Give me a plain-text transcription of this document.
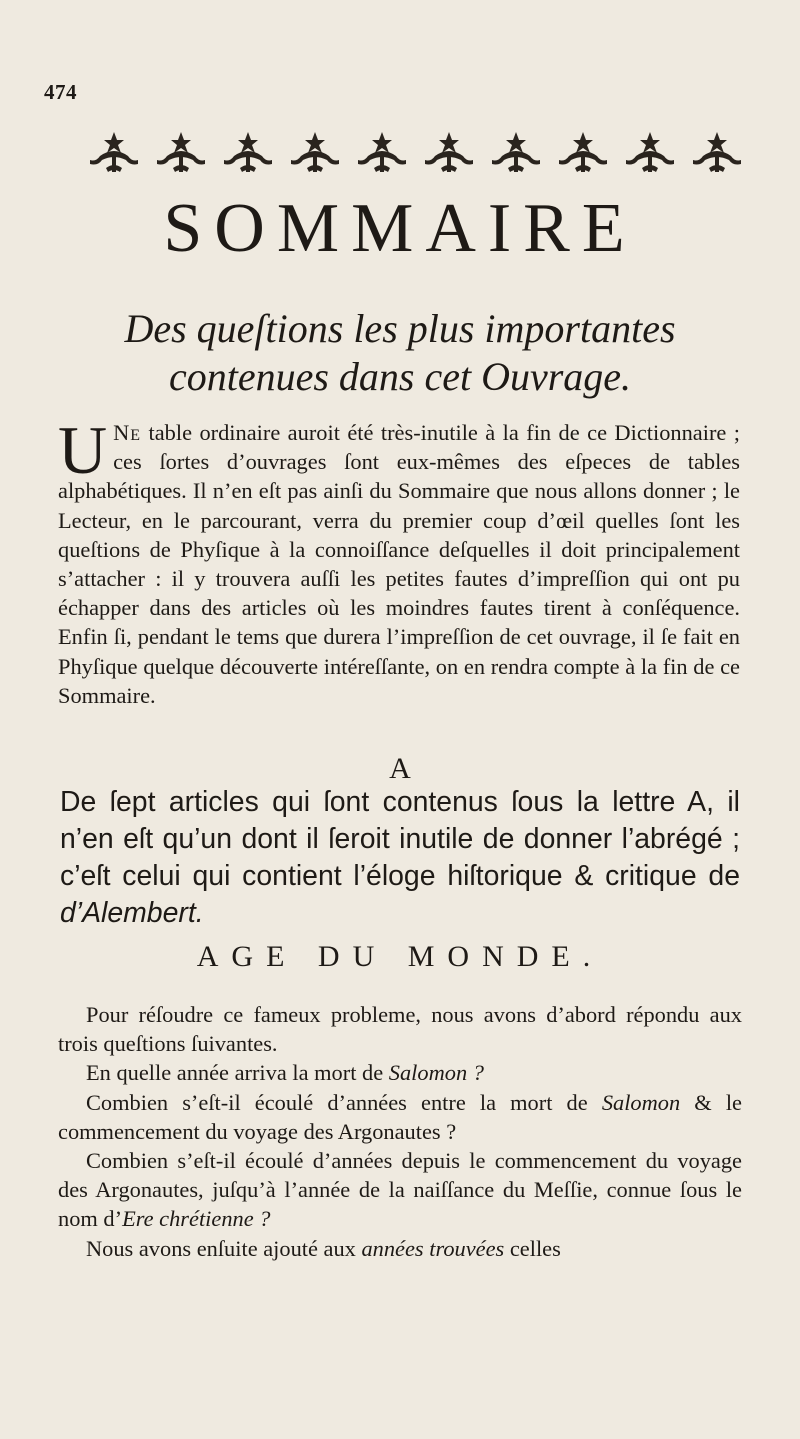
474
SOMMAIRE
Des queſtions les plus importantes contenues dans cet Ouvrage.
U Ne table ordinaire auroit été très-inutile à la fin de ce Dictionnaire ; ces ſortes d’ouvrages ſont eux-mêmes des eſpeces de tables alphabétiques. Il n’en eſt pas ainſi du Sommaire que nous allons donner ; le Lecteur, en le parcourant, verra du premier coup d’œil quelles ſont les queſtions de Phyſique à la connoiſſance deſquelles il doit principalement s’attacher : il y trouvera auſſi les petites fautes d’impreſſion qui ont pu échapper dans des articles où les moindres fautes tirent à conſéquence. Enfin ſi, pendant le tems que durera l’impreſſion de cet ouvrage, il ſe fait en Phyſique quelque découverte intéreſſante, on en rendra compte à la fin de ce Sommaire.
A
De ſept articles qui ſont contenus ſous la lettre A, il n’en eſt qu’un dont il ſeroit inutile de donner l’abrégé ; c’eſt celui qui contient l’éloge hiſtorique & critique de d’Alembert.
AGE DU MONDE.

Pour réſoudre ce fameux probleme, nous avons d’abord répondu aux trois queſtions ſuivantes.

En quelle année arriva la mort de Salomon ?

Combien s’eſt-il écoulé d’années entre la mort de Salomon & le commencement du voyage des Argonautes ?

Combien s’eſt-il écoulé d’années depuis le commencement du voyage des Argonautes, juſqu’à l’année de la naiſſance du Meſſie, connue ſous le nom d’Ere chrétienne ?

Nous avons enſuite ajouté aux années trouvées celles
